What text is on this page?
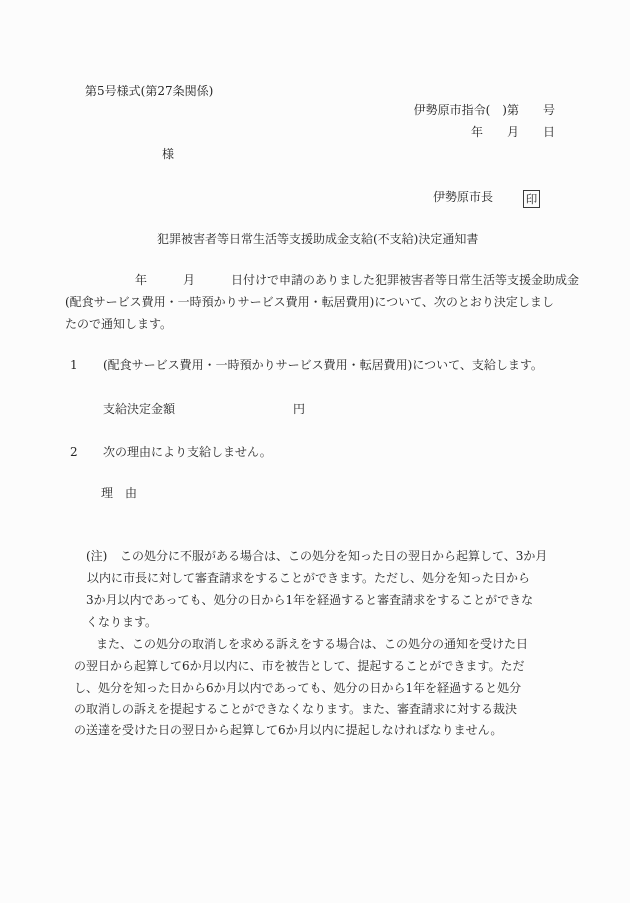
第5号様式(第27条関係)
伊勢原市指令(　)第　　号
年　　月　　日
様
伊勢原市長	印
犯罪被害者等日常生活等支援助成金支給(不支給)決定通知書
年　　　月　　　日付けで申請のありました犯罪被害者等日常生活等支援金助成金
(配食サービス費用・一時預かりサービス費用・転居費用)について、次のとおり決定しまし
たので通知します。
1 (配食サービス費用・一時預かりサービス費用・転居費用)について、支給します。
支給決定金額	円
2 次の理由により支給しません。
理　由
(注) この処分に不服がある場合は、この処分を知った日の翌日から起算して、3か月
以内に市長に対して審査請求をすることができます。ただし、処分を知った日から
3か月以内であっても、処分の日から1年を経過すると審査請求をすることができな
くなります。
また、この処分の取消しを求める訴えをする場合は、この処分の通知を受けた日
の翌日から起算して6か月以内に、市を被告として、提起することができます。ただ
し、処分を知った日から6か月以内であっても、処分の日から1年を経過すると処分
の取消しの訴えを提起することができなくなります。また、審査請求に対する裁決
の送達を受けた日の翌日から起算して6か月以内に提起しなければなりません。
